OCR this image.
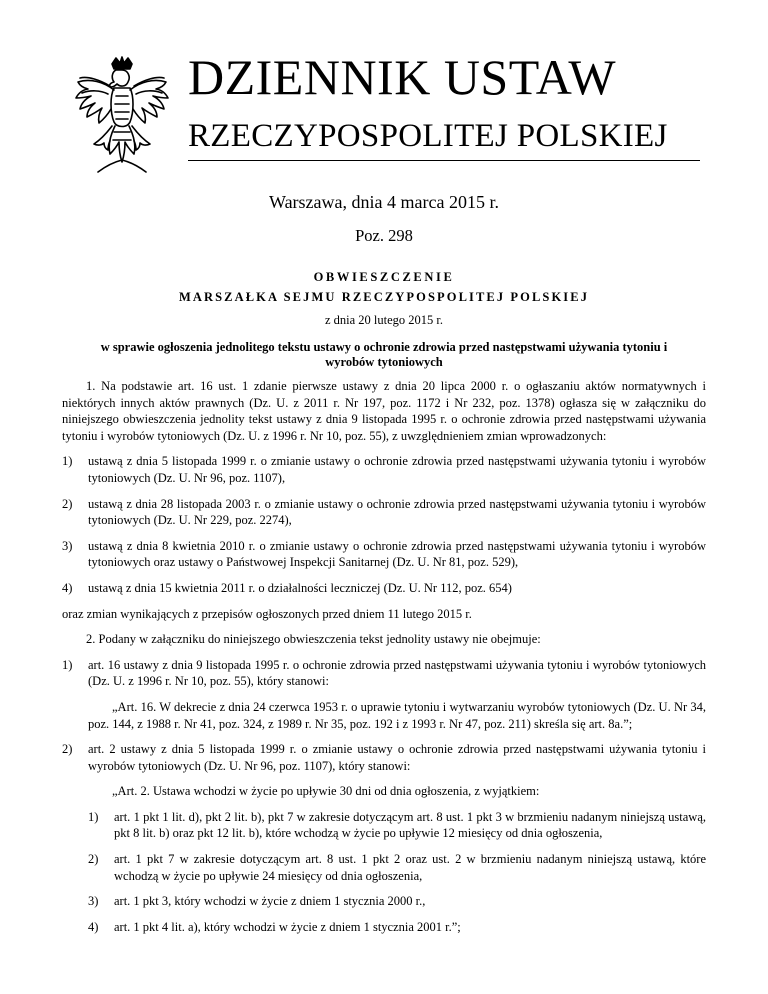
DZIENNIK USTAW
RZECZYPOSPOLITEJ POLSKIEJ
Warszawa, dnia 4 marca 2015 r.
Poz. 298
OBWIESZCZENIE
MARSZAŁKA SEJMU RZECZYPOSPOLITEJ POLSKIEJ
z dnia 20 lutego 2015 r.
w sprawie ogłoszenia jednolitego tekstu ustawy o ochronie zdrowia przed następstwami używania tytoniu i wyrobów tytoniowych

1. Na podstawie art. 16 ust. 1 zdanie pierwsze ustawy z dnia 20 lipca 2000 r. o ogłaszaniu aktów normatywnych i niektórych innych aktów prawnych (Dz. U. z 2011 r. Nr 197, poz. 1172 i Nr 232, poz. 1378) ogłasza się w załączniku do niniejszego obwieszczenia jednolity tekst ustawy z dnia 9 listopada 1995 r. o ochronie zdrowia przed następstwami używania tytoniu i wyrobów tytoniowych (Dz. U. z 1996 r. Nr 10, poz. 55), z uwzględnieniem zmian wprowadzonych:

1)	ustawą z dnia 5 listopada 1999 r. o zmianie ustawy o ochronie zdrowia przed następstwami używania tytoniu i wyrobów tytoniowych (Dz. U. Nr 96, poz. 1107),
2)	ustawą z dnia 28 listopada 2003 r. o zmianie ustawy o ochronie zdrowia przed następstwami używania tytoniu i wyrobów tytoniowych (Dz. U. Nr 229, poz. 2274),
3)	ustawą z dnia 8 kwietnia 2010 r. o zmianie ustawy o ochronie zdrowia przed następstwami używania tytoniu i wyrobów tytoniowych oraz ustawy o Państwowej Inspekcji Sanitarnej (Dz. U. Nr 81, poz. 529),
4)	ustawą z dnia 15 kwietnia 2011 r. o działalności leczniczej (Dz. U. Nr 112, poz. 654)

oraz zmian wynikających z przepisów ogłoszonych przed dniem 11 lutego 2015 r.

2. Podany w załączniku do niniejszego obwieszczenia tekst jednolity ustawy nie obejmuje:

1)	art. 16 ustawy z dnia 9 listopada 1995 r. o ochronie zdrowia przed następstwami używania tytoniu i wyrobów tytoniowych (Dz. U. z 1996 r. Nr 10, poz. 55), który stanowi:

„Art. 16. W dekrecie z dnia 24 czerwca 1953 r. o uprawie tytoniu i wytwarzaniu wyrobów tytoniowych (Dz. U. Nr 34, poz. 144, z 1988 r. Nr 41, poz. 324, z 1989 r. Nr 35, poz. 192 i z 1993 r. Nr 47, poz. 211) skreśla się art. 8a.”;

2)	art. 2 ustawy z dnia 5 listopada 1999 r. o zmianie ustawy o ochronie zdrowia przed następstwami używania tytoniu i wyrobów tytoniowych (Dz. U. Nr 96, poz. 1107), który stanowi:

„Art. 2. Ustawa wchodzi w życie po upływie 30 dni od dnia ogłoszenia, z wyjątkiem:

1)	art. 1 pkt 1 lit. d), pkt 2 lit. b), pkt 7 w zakresie dotyczącym art. 8 ust. 1 pkt 3 w brzmieniu nadanym niniejszą ustawą, pkt 8 lit. b) oraz pkt 12 lit. b), które wchodzą w życie po upływie 12 miesięcy od dnia ogłoszenia,
2)	art. 1 pkt 7 w zakresie dotyczącym art. 8 ust. 1 pkt 2 oraz ust. 2 w brzmieniu nadanym niniejszą ustawą, które wchodzą w życie po upływie 24 miesięcy od dnia ogłoszenia,
3)	art. 1 pkt 3, który wchodzi w życie z dniem 1 stycznia 2000 r.,
4)	art. 1 pkt 4 lit. a), który wchodzi w życie z dniem 1 stycznia 2001 r.”;
